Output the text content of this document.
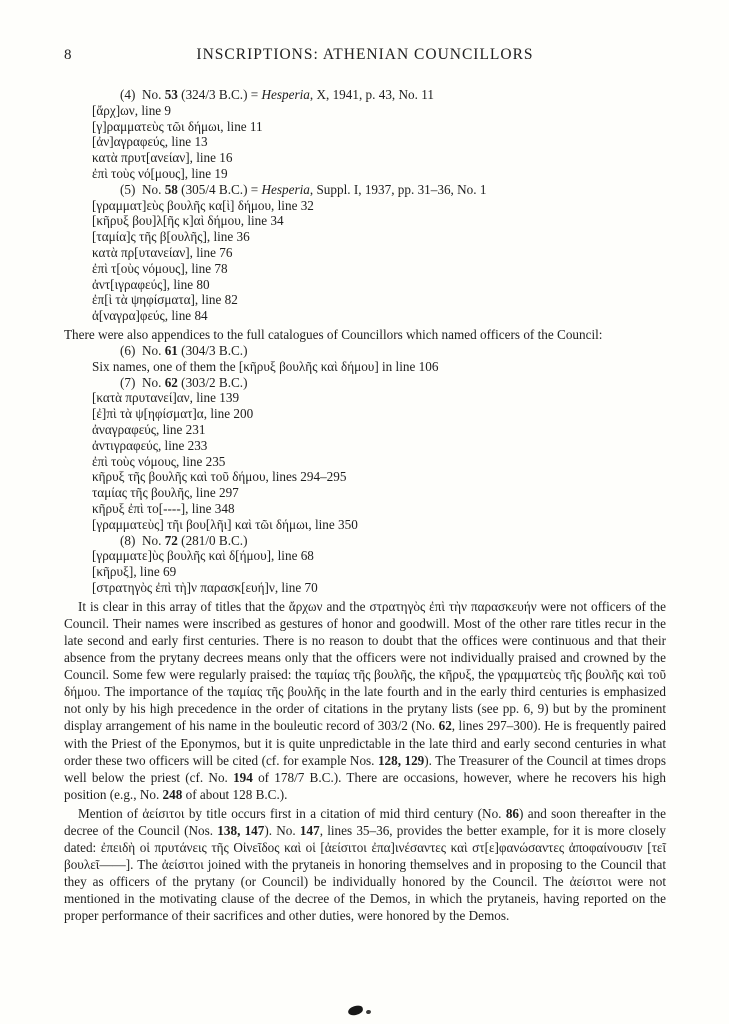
8	INSCRIPTIONS: ATHENIAN COUNCILLORS
(4)  No. 53 (324/3 B.C.) = Hesperia, X, 1941, p. 43, No. 11
[ἄρχ]ων, line 9
[γ]ραμματεὺς τῶι δήμωι, line 11
[ἀν]αγραφεύς, line 13
κατὰ πρυτ[ανείαν], line 16
ἐπὶ τοὺς νό[μους], line 19
(5)  No. 58 (305/4 B.C.) = Hesperia, Suppl. I, 1937, pp. 31–36, No. 1
[γραμματ]εὺς βουλῆς κα[ὶ] δήμου, line 32
[κῆρυξ βου]λ[ῆς κ]αὶ δήμου, line 34
[ταμία]ς τῆς β[ουλῆς], line 36
κατὰ πρ[υτανείαν], line 76
ἐπὶ τ[οὺς νόμους], line 78
ἀντ[ιγραφεύς], line 80
ἐπ[ὶ τὰ ψηφίσματα], line 82
ἀ[ναγρα]φεύς, line 84

There were also appendices to the full catalogues of Councillors which named officers of the Council:

(6)  No. 61 (304/3 B.C.)
Six names, one of them the [κῆρυξ βουλῆς καὶ δήμου] in line 106
(7)  No. 62 (303/2 B.C.)
[κατὰ πρυτανεί]αν, line 139
[ἐ]πὶ τὰ ψ[ηφίσματ]α, line 200
ἀναγραφεύς, line 231
ἀντιγραφεύς, line 233
ἐπὶ τοὺς νόμους, line 235
κῆρυξ τῆς βουλῆς καὶ τοῦ δήμου, lines 294–295
ταμίας τῆς βουλῆς, line 297
κῆρυξ ἐπὶ το[----], line 348
[γραμματεὺς] τῆι βου[λῆι] καὶ τῶι δήμωι, line 350
(8)  No. 72 (281/0 B.C.)
[γραμματε]ὺς βουλῆς καὶ δ[ήμου], line 68
[κῆρυξ], line 69
[στρατηγὸς ἐπὶ τὴ]ν παρασκ[ευή]ν, line 70

It is clear in this array of titles that the ἄρχων and the στρατηγὸς ἐπὶ τὴν παρασκευήν were not officers of the Council. Their names were inscribed as gestures of honor and goodwill. Most of the other rare titles recur in the late second and early first centuries. There is no reason to doubt that the offices were continuous and that their absence from the prytany decrees means only that the officers were not individually praised and crowned by the Council. Some few were regularly praised: the ταμίας τῆς βουλῆς, the κῆρυξ, the γραμματεὺς τῆς βουλῆς καὶ τοῦ δήμου. The importance of the ταμίας τῆς βουλῆς in the late fourth and in the early third centuries is emphasized not only by his high precedence in the order of citations in the prytany lists (see pp. 6, 9) but by the prominent display arrangement of his name in the bouleutic record of 303/2 (No. 62, lines 297–300). He is frequently paired with the Priest of the Eponymos, but it is quite unpredictable in the late third and early second centuries in what order these two officers will be cited (cf. for example Nos. 128, 129). The Treasurer of the Council at times drops well below the priest (cf. No. 194 of 178/7 B.C.). There are occasions, however, where he recovers his high position (e.g., No. 248 of about 128 B.C.).

Mention of ἀείσιτοι by title occurs first in a citation of mid third century (No. 86) and soon thereafter in the decree of the Council (Nos. 138, 147). No. 147, lines 35–36, provides the better example, for it is more closely dated: ἐπειδὴ οἱ πρυτάνεις τῆς Οἰνεῖδος καὶ οἱ [ἀείσιτοι ἐπα]ινέσαντες καὶ στ[ε]φανώσαντες ἀποφαίνουσιν [τεῖ βουλεῖ——]. The ἀείσιτοι joined with the prytaneis in honoring themselves and in proposing to the Council that they as officers of the prytany (or Council) be individually honored by the Council. The ἀείσιτοι were not mentioned in the motivating clause of the decree of the Demos, in which the prytaneis, having reported on the proper performance of their sacrifices and other duties, were honored by the Demos.
